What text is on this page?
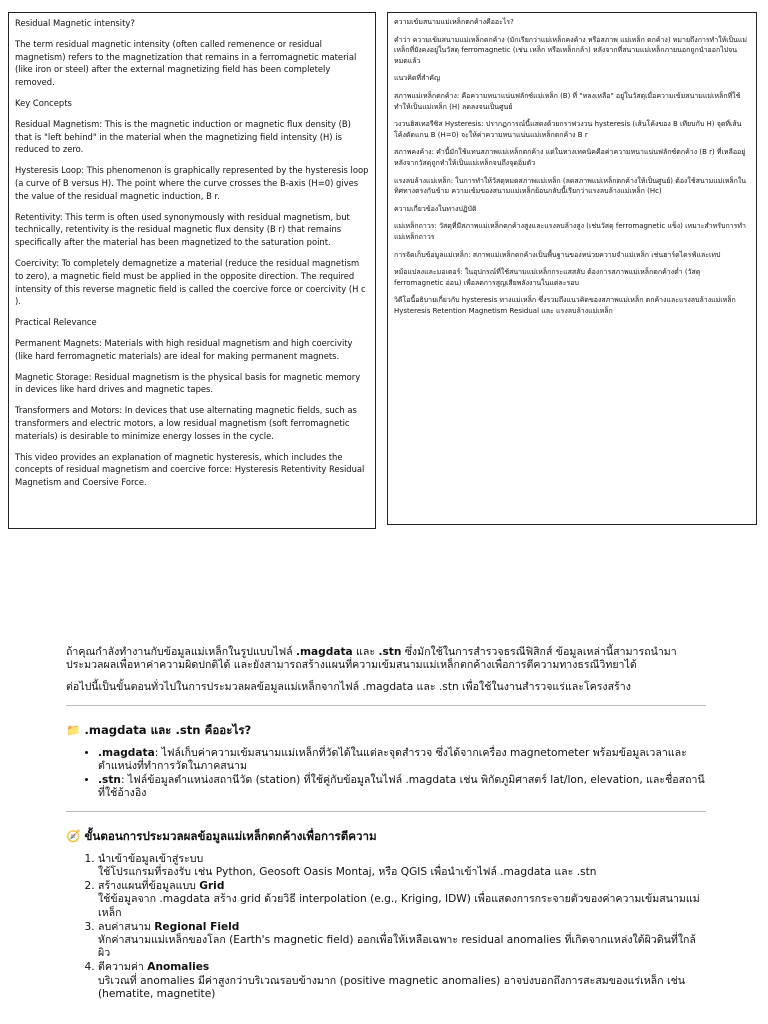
Residual Magnetic intensity?

The term residual magnetic intensity (often called remenence or residual magnetism) refers to the magnetization that remains in a ferromagnetic material (like iron or steel) after the external magnetizing field has been completely removed.

Key Concepts

Residual Magnetism: This is the magnetic induction or magnetic flux density (B) that is "left behind" in the material when the magnetizing field intensity (H) is reduced to zero.

Hysteresis Loop: This phenomenon is graphically represented by the hysteresis loop (a curve of B versus H). The point where the curve crosses the B-axis (H=0) gives the value of the residual magnetic induction, B r.

Retentivity: This term is often used synonymously with residual magnetism, but technically, retentivity is the residual magnetic flux density (B r) that remains specifically after the material has been magnetized to the saturation point.

Coercivity: To completely demagnetize a material (reduce the residual magnetism to zero), a magnetic field must be applied in the opposite direction. The required intensity of this reverse magnetic field is called the coercive force or coercivity (H c ).

Practical Relevance

Permanent Magnets: Materials with high residual magnetism and high coercivity (like hard ferromagnetic materials) are ideal for making permanent magnets.

Magnetic Storage: Residual magnetism is the physical basis for magnetic memory in devices like hard drives and magnetic tapes.

Transformers and Motors: In devices that use alternating magnetic fields, such as transformers and electric motors, a low residual magnetism (soft ferromagnetic materials) is desirable to minimize energy losses in the cycle.

This video provides an explanation of magnetic hysteresis, which includes the concepts of residual magnetism and coercive force: Hysteresis Retentivity Residual Magnetism and Coersive Force.

ความเข้มสนามแม่เหล็กตกค้างคืออะไร?

คำว่า ความเข้มสนามแม่เหล็กตกค้าง (มักเรียกว่าแม่เหล็กคงค้าง หรือสภาพ แม่เหล็ก ตกค้าง) หมายถึงการทำให้เป็นแม่เหล็กที่ยังคงอยู่ในวัสดุ ferromagnetic (เช่น เหล็ก หรือเหล็กกล้า) หลังจากที่สนามแม่เหล็กภายนอกถูกนำออกไปจนหมดแล้ว

แนวคิดที่สำคัญ

สภาพแม่เหล็กตกค้าง: คือความหนาแน่นฟลักซ์แม่เหล็ก (B) ที่ "หลงเหลือ" อยู่ในวัสดุเมื่อความเข้มสนามแม่เหล็กที่ใช้ทำให้เป็นแม่เหล็ก (H) ลดลงจนเป็นศูนย์

วงวนฮิสเทอรีซิส Hysteresis: ปรากฏการณ์นี้แสดงด้วยกราฟวงวน hysteresis (เส้นโค้งของ B เทียบกับ H) จุดที่เส้นโค้งตัดแกน B (H=0) จะให้ค่าความหนาแน่นแม่เหล็กตกค้าง B r

สภาพคงค้าง: คำนี้มักใช้แทนสภาพแม่เหล็กตกค้าง แต่ในทางเทคนิคคือค่าความหนาแน่นฟลักซ์ตกค้าง (B r) ที่เหลืออยู่หลังจากวัสดุถูกทำให้เป็นแม่เหล็กจนถึงจุดอิ่มตัว

แรงลบล้างแม่เหล็ก: ในการทำให้วัสดุหมดสภาพแม่เหล็ก (ลดสภาพแม่เหล็กตกค้างให้เป็นศูนย์) ต้องใช้สนามแม่เหล็กในทิศทางตรงกันข้าม ความเข้มของสนามแม่เหล็กย้อนกลับนี้เรียกว่าแรงลบล้างแม่เหล็ก (Hc)

ความเกี่ยวข้องในทางปฏิบัติ

แม่เหล็กถาวร: วัสดุที่มีสภาพแม่เหล็กตกค้างสูงและแรงลบล้างสูง (เช่นวัสดุ ferromagnetic แข็ง) เหมาะสำหรับการทำแม่เหล็กถาวร

การจัดเก็บข้อมูลแม่เหล็ก: สภาพแม่เหล็กตกค้างเป็นพื้นฐานของหน่วยความจำแม่เหล็ก เช่นฮาร์ดไดรฟ์และเทป

หม้อแปลงและมอเตอร์: ในอุปกรณ์ที่ใช้สนามแม่เหล็กกระแสสลับ ต้องการสภาพแม่เหล็กตกค้างต่ำ (วัสดุ ferromagnetic อ่อน) เพื่อลดการสูญเสียพลังงานในแต่ละรอบ

วิดีโอนี้อธิบายเกี่ยวกับ hysteresis ทางแม่เหล็ก ซึ่งรวมถึงแนวคิดของสภาพแม่เหล็ก ตกค้างและแรงลบล้างแม่เหล็ก Hysteresis Retention Magnetism Residual และ แรงลบล้างแม่เหล็ก

ถ้าคุณกำลังทำงานกับข้อมูลแม่เหล็กในรูปแบบไฟล์ .magdata และ .stn ซึ่งมักใช้ในการสำรวจธรณีฟิสิกส์ ข้อมูลเหล่านี้สามารถนำมาประมวลผลเพื่อหาค่าความผิดปกติได้ และยังสามารถสร้างแผนที่ความเข้มสนามแม่เหล็กตกค้างเพื่อการตีความทางธรณีวิทยาได้

ต่อไปนี้เป็นขั้นตอนทั่วไปในการประมวลผลข้อมูลแม่เหล็กจากไฟล์ .magdata และ .stn เพื่อใช้ในงานสำรวจแร่และโครงสร้าง

📁 .magdata และ .stn คืออะไร?
• .magdata: ไฟล์เก็บค่าความเข้มสนามแม่เหล็กที่วัดได้ในแต่ละจุดสำรวจ ซึ่งได้จากเครื่อง magnetometer พร้อมข้อมูลเวลาและตำแหน่งที่ทำการวัดในภาคสนาม
• .stn: ไฟล์ข้อมูลตำแหน่งสถานีวัด (station) ที่ใช้คู่กับข้อมูลในไฟล์ .magdata เช่น พิกัดภูมิศาสตร์ lat/lon, elevation, และชื่อสถานีที่ใช้อ้างอิง
🧭 ขั้นตอนการประมวลผลข้อมูลแม่เหล็กตกค้างเพื่อการตีความ
1. นำเข้าข้อมูลเข้าสู่ระบบ
ใช้โปรแกรมที่รองรับ เช่น Python, Geosoft Oasis Montaj, หรือ QGIS เพื่อนำเข้าไฟล์ .magdata และ .stn
2. สร้างแผนที่ข้อมูลแบบ Grid
ใช้ข้อมูลจาก .magdata สร้าง grid ด้วยวิธี interpolation (e.g., Kriging, IDW) เพื่อแสดงการกระจายตัวของค่าความเข้มสนามแม่เหล็ก
3. ลบค่าสนาม Regional Field
หักค่าสนามแม่เหล็กของโลก (Earth's magnetic field) ออกเพื่อให้เหลือเฉพาะ residual anomalies ที่เกิดจากแหล่งใต้ผิวดินที่ใกล้ผิว
4. ตีความค่า Anomalies
บริเวณที่ anomalies มีค่าสูงกว่าบริเวณรอบข้างมาก (positive magnetic anomalies) อาจบ่งบอกถึงการสะสมของแร่เหล็ก เช่น (hematite, magnetite)
